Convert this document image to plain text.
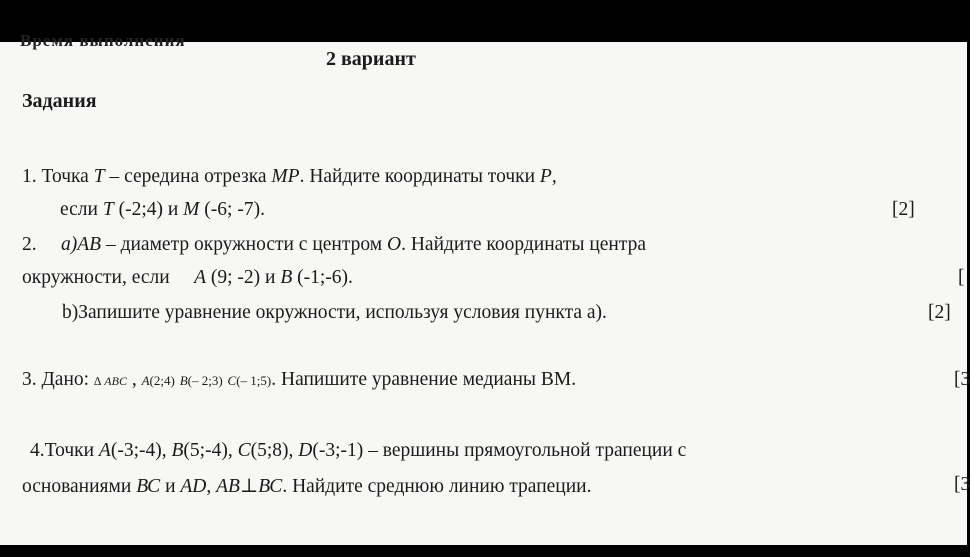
Время выполнения
2 вариант
Задания
1. Точка Т – середина отрезка МР. Найдите координаты точки Р,
если Т (-2;4) и М (-6; -7).	[2]
2. а)АВ – диаметр окружности с центром О. Найдите координаты центра
окружности, если А (9; -2) и В (-1;-6).	[
b)Запишите уравнение окружности, используя условия пункта а).	[2]
3. Дано: ∆ ABC , A(2;4) B(– 2;3) C(– 1;5). Напишите уравнение медианы ВМ.	[3
4.Точки А(-3;-4), В(5;-4), С(5;8), D(-3;-1) – вершины прямоугольной трапеции с
основаниями ВС и AD, АВ⊥ВС. Найдите среднюю линию трапеции.	[3
